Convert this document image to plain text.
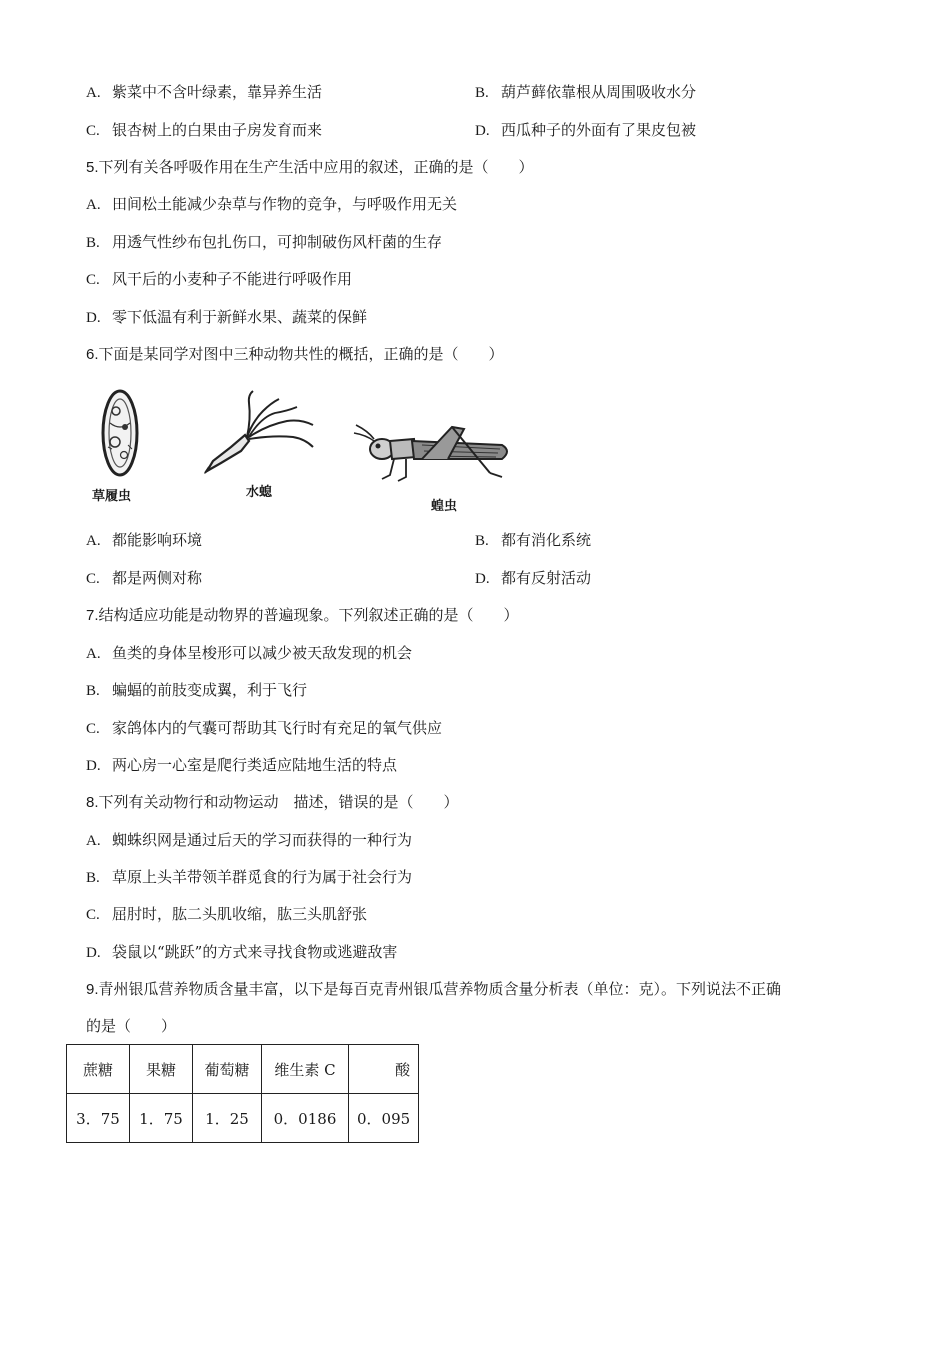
A. 紫菜中不含叶绿素，靠异养生活	B. 葫芦藓依靠根从周围吸收水分
C. 银杏树上的白果由子房发育而来	D. 西瓜种子的外面有了果皮包被
5.下列有关各呼吸作用在生产生活中应用的叙述，正确的是（　　）
A. 田间松土能减少杂草与作物的竞争，与呼吸作用无关
B. 用透气性纱布包扎伤口，可抑制破伤风杆菌的生存
C. 风干后的小麦种子不能进行呼吸作用
D. 零下低温有利于新鲜水果、蔬菜的保鲜
6.下面是某同学对图中三种动物共性的概括，正确的是（　　）
草履虫	水螅
蝗虫
A. 都能影响环境	B. 都有消化系统
C. 都是两侧对称	D. 都有反射活动
7.结构适应功能是动物界的普遍现象。下列叙述正确的是（　　）
A. 鱼类的身体呈梭形可以减少被天敌发现的机会
B. 蝙蝠的前肢变成翼，利于飞行
C. 家鸽体内的气囊可帮助其飞行时有充足的氧气供应
D. 两心房一心室是爬行类适应陆地生活的特点
8.下列有关动物行和动物运动　描述，错误的是（　　）
A. 蜘蛛织网是通过后天的学习而获得的一种行为
B. 草原上头羊带领羊群觅食的行为属于社会行为
C. 屈肘时，肱二头肌收缩，肱三头肌舒张
D. 袋鼠以“跳跃”的方式来寻找食物或逃避敌害
9.青州银瓜营养物质含量丰富，以下是每百克青州银瓜营养物质含量分析表（单位：克）。下列说法不正确
的是（　　）
蔗糖	果糖	葡萄糖	维生素 C	酸
3．75	1．75	1．25	0．0186	0．095
